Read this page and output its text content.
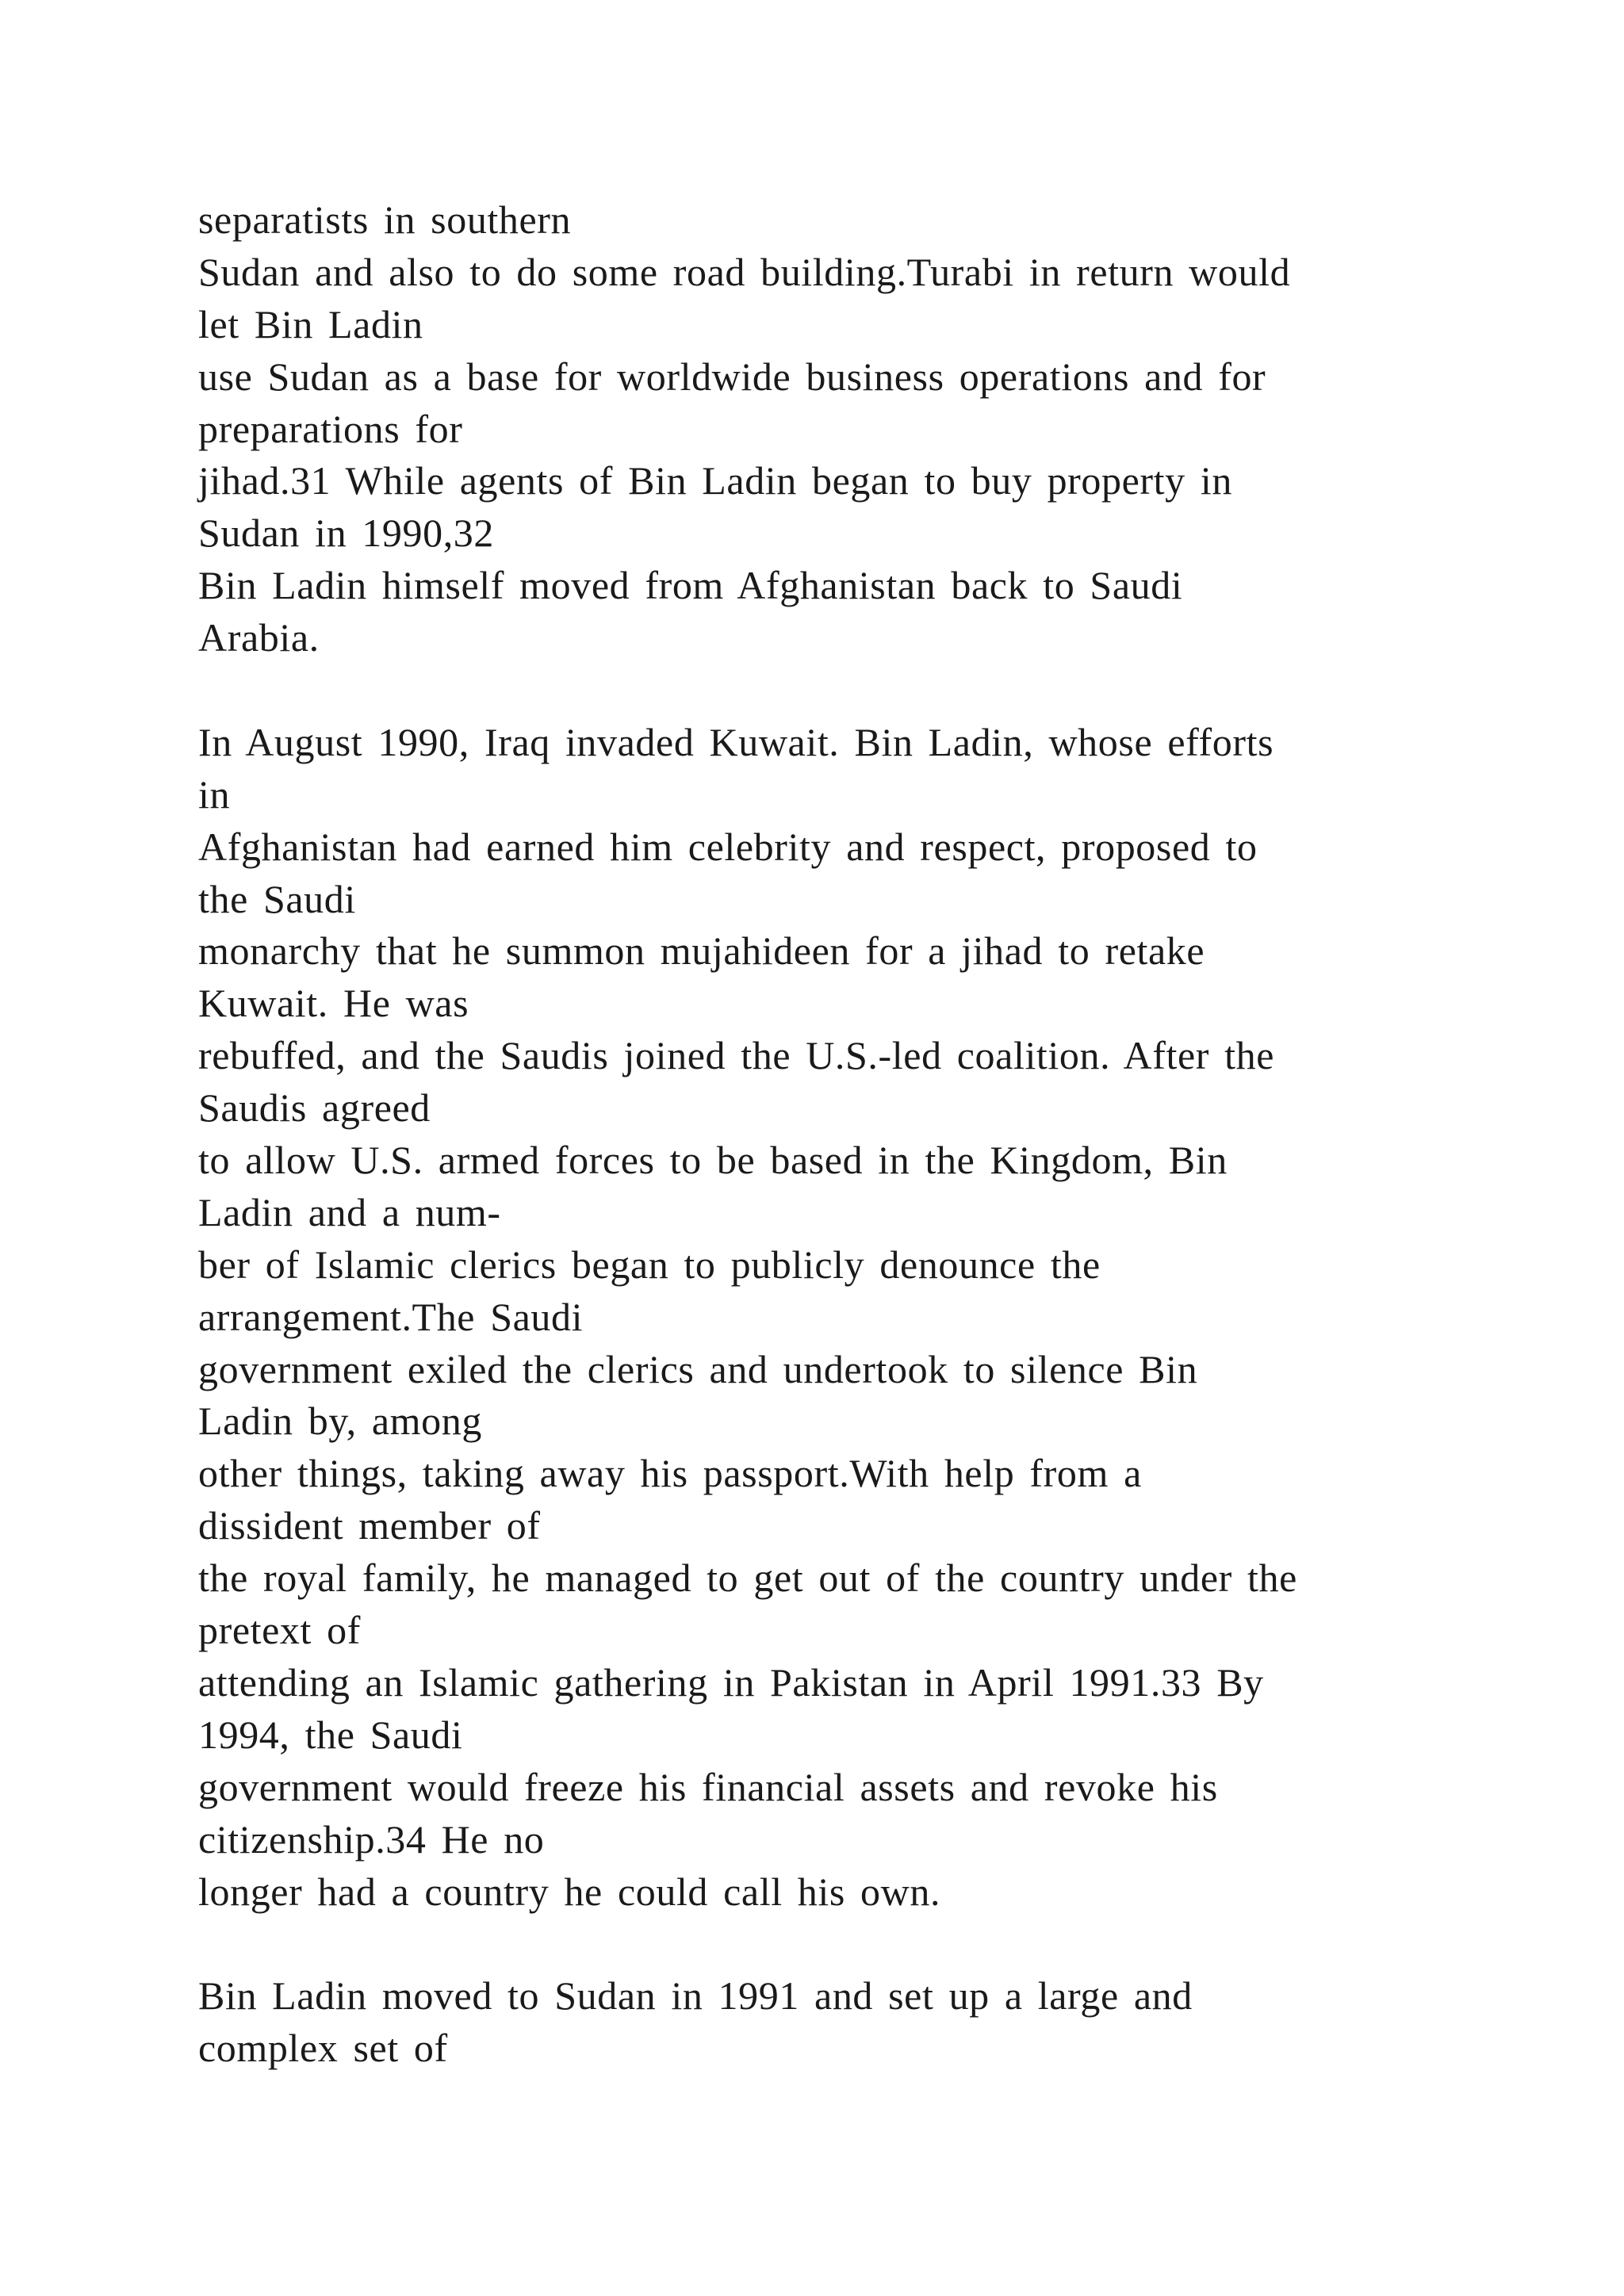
separatists in southern
Sudan and also to do some road building.Turabi in return would
let Bin Ladin
use Sudan as a base for worldwide business operations and for
preparations for
jihad.31 While agents of Bin Ladin began to buy property in
Sudan in 1990,32
Bin Ladin himself moved from Afghanistan back to Saudi
Arabia.
In August 1990, Iraq invaded Kuwait. Bin Ladin, whose efforts
in
Afghanistan had earned him celebrity and respect, proposed to
the Saudi
monarchy that he summon mujahideen for a jihad to retake
Kuwait. He was
rebuffed, and the Saudis joined the U.S.-led coalition. After the
Saudis agreed
to allow U.S. armed forces to be based in the Kingdom, Bin
Ladin and a num-
ber of Islamic clerics began to publicly denounce the
arrangement.The Saudi
government exiled the clerics and undertook to silence Bin
Ladin by, among
other things, taking away his passport.With help from a
dissident member of
the royal family, he managed to get out of the country under the
pretext of
attending an Islamic gathering in Pakistan in April 1991.33 By
1994, the Saudi
government would freeze his financial assets and revoke his
citizenship.34 He no
longer had a country he could call his own.
Bin Ladin moved to Sudan in 1991 and set up a large and
complex set of
